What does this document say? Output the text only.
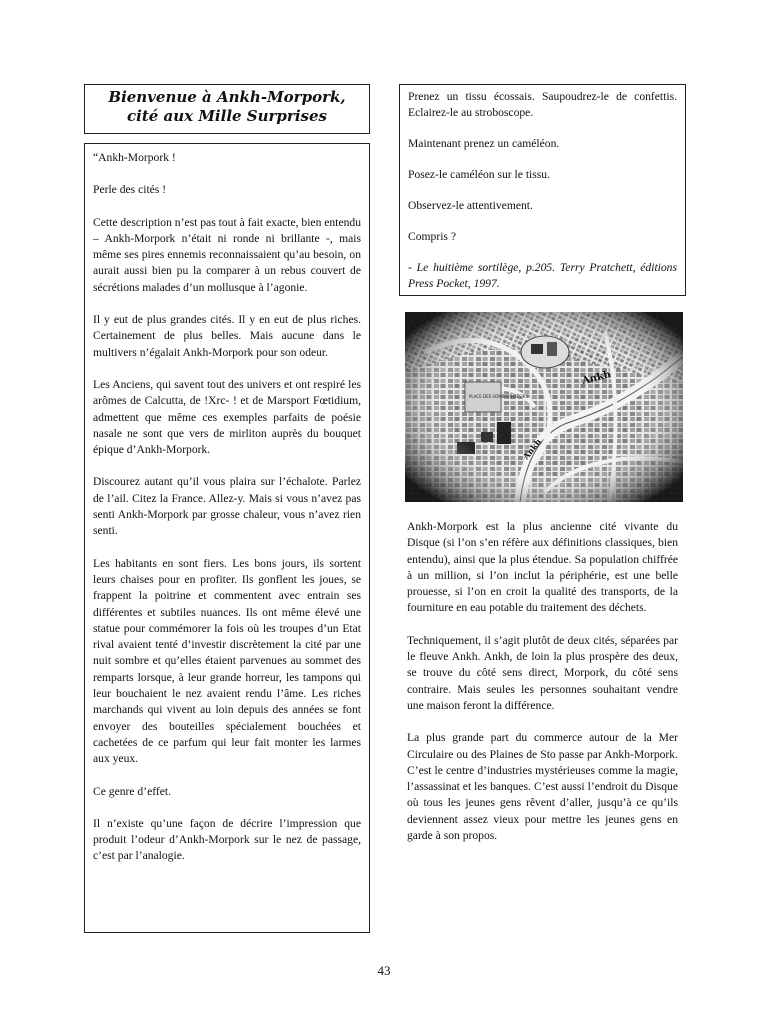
Bienvenue à Ankh-Morpork, cité aux Mille Surprises

“Ankh-Morpork !

Perle des cités !

Cette description n’est pas tout à fait exacte, bien entendu – Ankh-Morpork n’était ni ronde ni brillante -, mais même ses pires ennemis reconnaissaient qu’au besoin, on aurait aussi bien pu la comparer à un rebus couvert de sécrétions malades d’un mollusque à l’agonie.

Il y eut de plus grandes cités. Il y en eut de plus riches. Certainement de plus belles. Mais aucune dans le multivers n’égalait Ankh-Morpork pour son odeur.

Les Anciens, qui savent tout des univers et ont respiré les arômes de Calcutta, de !Xrc- ! et de Marsport Fœtidium, admettent que même ces exemples parfaits de poésie nasale ne sont que vers de mirliton auprès du bouquet épique d’Ankh-Morpork.

Discourez autant qu’il vous plaira sur l’échalote. Parlez de l’ail. Citez la France. Allez-y. Mais si vous n’avez pas senti Ankh-Morpork par grosse chaleur, vous n’avez rien senti.

Les habitants en sont fiers. Les bons jours, ils sortent leurs chaises pour en profiter. Ils gonflent les joues, se frappent la poitrine et commentent avec entrain ses différentes et subtiles nuances. Ils ont même élevé une statue pour commémorer la fois où les troupes d’un Etat rival avaient tenté d’investir discrètement la cité par une nuit sombre et qu’elles étaient parvenues au sommet des remparts lorsque, à leur grande horreur, les tampons qui leur bouchaient le nez avaient rendu l’âme. Les riches marchands qui vivent au loin depuis des années se font envoyer des bouteilles spécialement bouchées et cachetées de ce parfum qui leur fait monter les larmes aux yeux.

Ce genre d’effet.

Il n’existe qu’une façon de décrire l’impression que produit l’odeur d’Ankh-Morpork sur le nez de passage, c’est par l’analogie.

Prenez un tissu écossais. Saupoudrez-le de confettis. Eclairez-le au stroboscope.

Maintenant prenez un caméléon.

Posez-le caméléon sur le tissu.

Observez-le attentivement.

Compris ?

- Le huitième sortilège, p.205. Terry Pratchett, éditions Press Pocket, 1997.

Ankh-Morpork est la plus ancienne cité vivante du Disque (si l’on s’en réfère aux définitions classiques, bien entendu), ainsi que la plus étendue. Sa population chiffrée à un million, si l’on inclut la périphérie, est une belle prouesse, si l’on en croit la qualité des transports, de la fourniture en eau potable du traitement des déchets.

Techniquement, il s’agit plutôt de deux cités, séparées par le fleuve Ankh. Ankh, de loin la plus prospère des deux, se trouve du côté sens direct, Morpork, du côté sens contraire. Mais seules les personnes souhaitant vendre une maison feront la différence.

La plus grande part du commerce autour de la Mer Circulaire ou des Plaines de Sto passe par Ankh-Morpork. C’est le centre d’industries mystérieuses comme la magie, l’assassinat et les banques. C’est aussi l’endroit du Disque où tous les jeunes gens rêvent d’aller, jusqu’à ce qu’ils deviennent assez vieux pour mettre les jeunes gens en garde à son propos.

43
